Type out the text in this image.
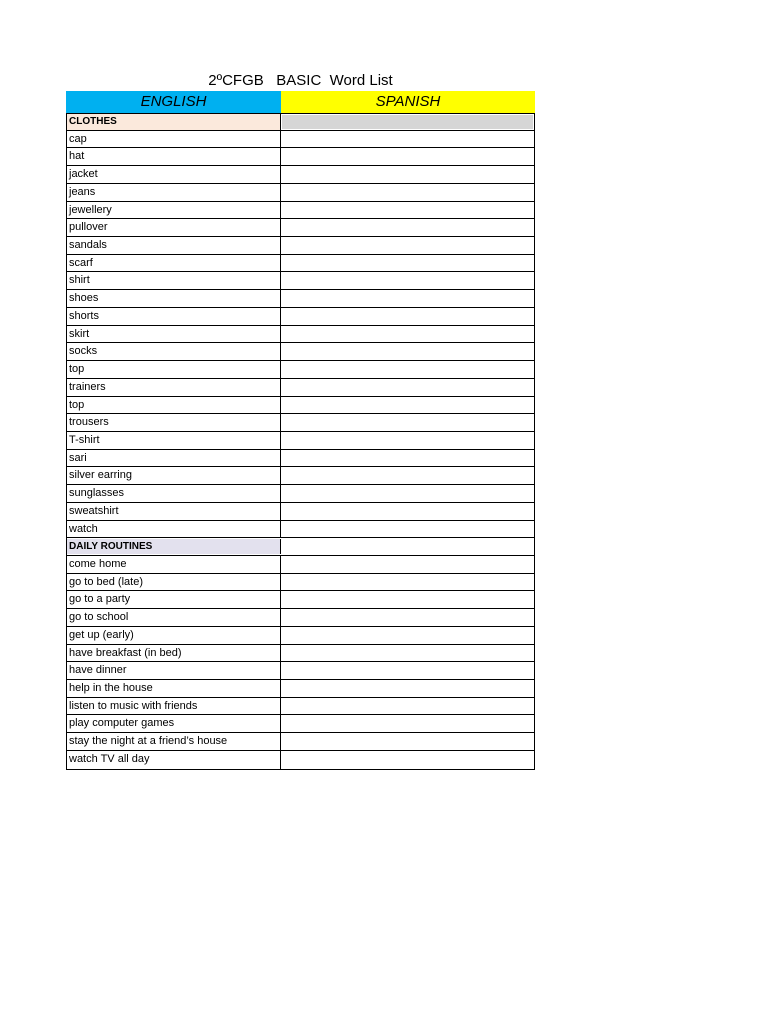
2ºCFGB   BASIC  Word List
ENGLISH	SPANISH
CLOTHES
cap
hat
jacket
jeans
jewellery
pullover
sandals
scarf
shirt
shoes
shorts
skirt
socks
top
trainers
top
trousers
T-shirt
sari
silver earring
sunglasses
sweatshirt
watch
DAILY ROUTINES
come home
go to bed (late)
go to a party
go to school
get up (early)
have breakfast (in bed)
have dinner
help in the house
listen to music with friends
play computer games
stay the night at a friend’s house
watch TV all day
